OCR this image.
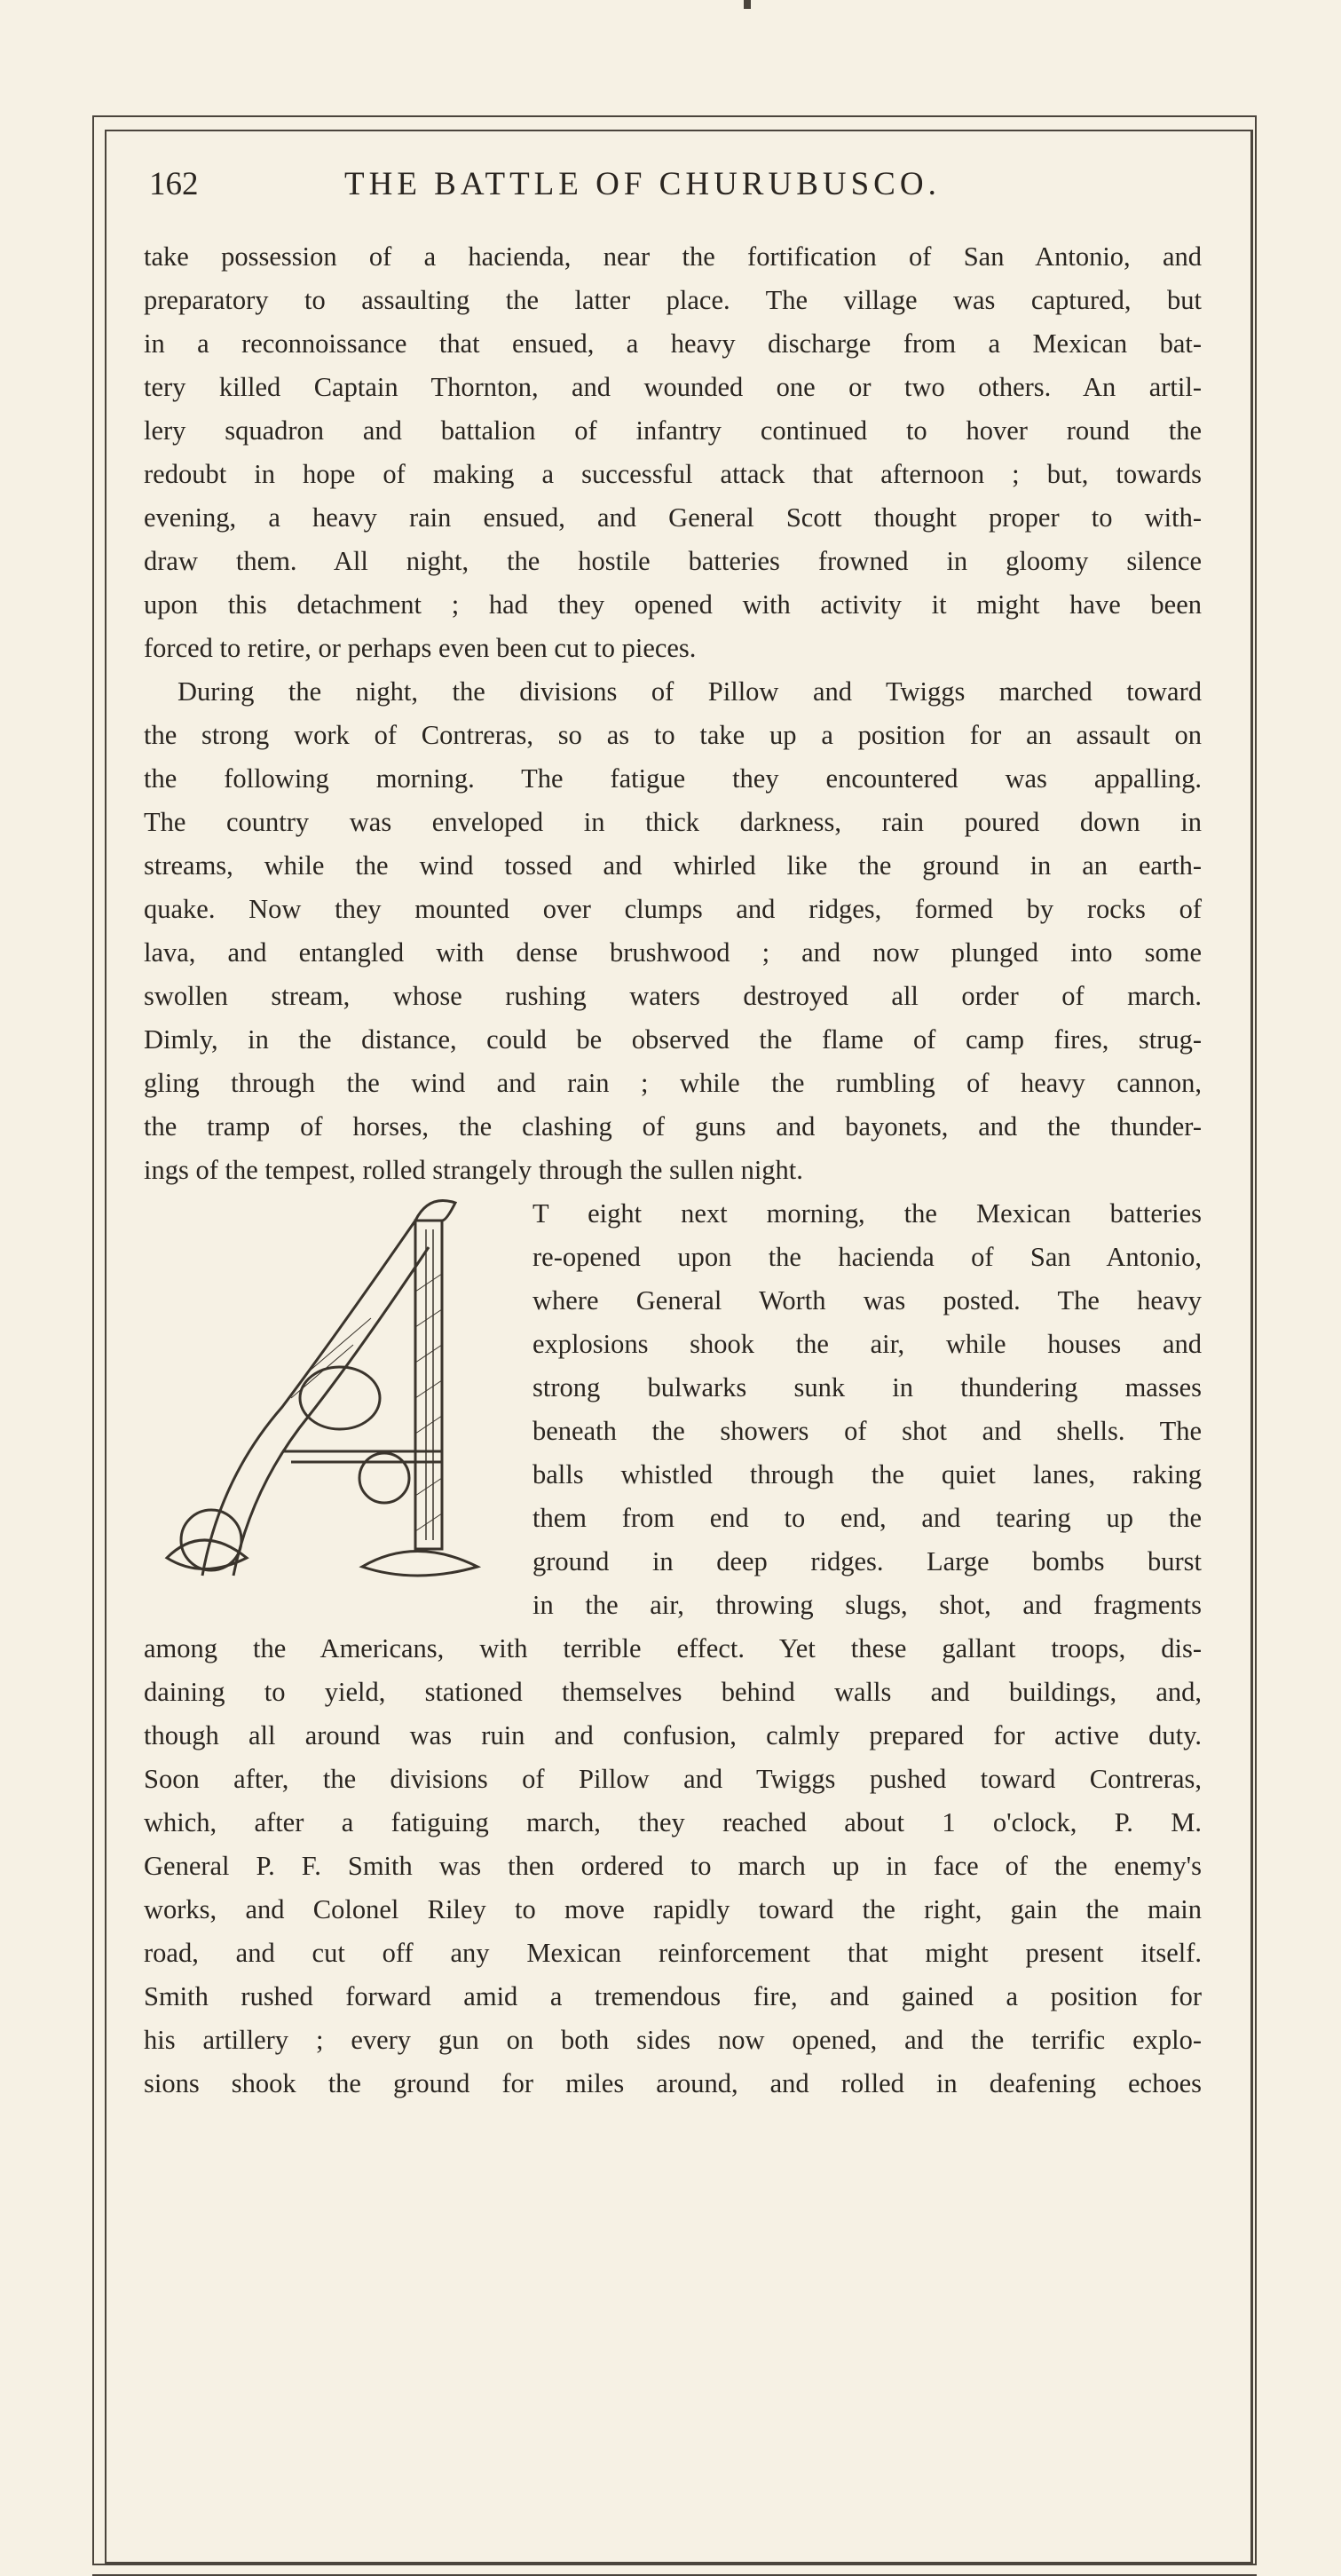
162	THE BATTLE OF CHURUBUSCO.
take possession of a hacienda, near the fortification of San Antonio, and
preparatory to assaulting the latter place. The village was captured, but
in a reconnoissance that ensued, a heavy discharge from a Mexican bat-
tery killed Captain Thornton, and wounded one or two others. An artil-
lery squadron and battalion of infantry continued to hover round the
redoubt in hope of making a successful attack that afternoon ; but, towards
evening, a heavy rain ensued, and General Scott thought proper to with-
draw them. All night, the hostile batteries frowned in gloomy silence
upon this detachment ; had they opened with activity it might have been
forced to retire, or perhaps even been cut to pieces.
During the night, the divisions of Pillow and Twiggs marched toward
the strong work of Contreras, so as to take up a position for an assault on
the following morning. The fatigue they encountered was appalling.
The country was enveloped in thick darkness, rain poured down in
streams, while the wind tossed and whirled like the ground in an earth-
quake. Now they mounted over clumps and ridges, formed by rocks of
lava, and entangled with dense brushwood ; and now plunged into some
swollen stream, whose rushing waters destroyed all order of march.
Dimly, in the distance, could be observed the flame of camp fires, strug-
gling through the wind and rain ; while the rumbling of heavy cannon,
the tramp of horses, the clashing of guns and bayonets, and the thunder-
ings of the tempest, rolled strangely through the sullen night.
T eight next morning, the Mexican batteries
re-opened upon the hacienda of San Antonio,
where General Worth was posted. The heavy
explosions shook the air, while houses and
strong bulwarks sunk in thundering masses
beneath the showers of shot and shells. The
balls whistled through the quiet lanes, raking
them from end to end, and tearing up the
ground in deep ridges. Large bombs burst
in the air, throwing slugs, shot, and fragments
among the Americans, with terrible effect. Yet these gallant troops, dis-
daining to yield, stationed themselves behind walls and buildings, and,
though all around was ruin and confusion, calmly prepared for active duty.
Soon after, the divisions of Pillow and Twiggs pushed toward Contreras,
which, after a fatiguing march, they reached about 1 o'clock, P. M.
General P. F. Smith was then ordered to march up in face of the enemy's
works, and Colonel Riley to move rapidly toward the right, gain the main
road, and cut off any Mexican reinforcement that might present itself.
Smith rushed forward amid a tremendous fire, and gained a position for
his artillery ; every gun on both sides now opened, and the terrific explo-
sions shook the ground for miles around, and rolled in deafening echoes
